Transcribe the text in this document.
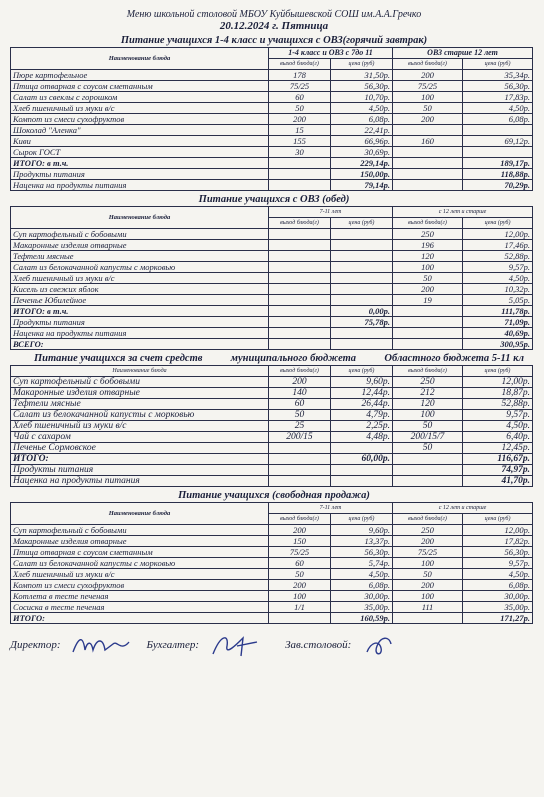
Меню школьной столовой МБОУ Куйбышевской СОШ им.А.А.Гречко
20.12.2024 г. Пятница
Питание учащихся 1-4 класс и учащихся с ОВЗ(горячий завтрак)
Наименование блюда	1-4 класс и ОВЗ с 7до 11		ОВЗ старше 12 лет	
	выход блюда(г)	цена (руб)	выход блюда(г)	цена (руб)
Пюре картофельное	178	31,50р.	200	35,34р.
Птица отварная с соусом сметанным	75/25	56,30р.	75/25	56,30р.
Салат из свеклы с горошком	60	10,70р.	100	17,83р.
Хлеб пшеничный из муки в/с	50	4,50р.	50	4,50р.
Компот из смеси сухофруктов	200	6,08р.	200	6,08р.
Шоколад "Аленка"	15	22,41р.		
Киви	155	66,96р.	160	69,12р.
Сырок ГОСТ	30	30,69р.		
ИТОГО: в т.ч.		229,14р.		189,17р.
Продукты питания		150,00р.		118,88р.
Наценка на продукты питания		79,14р.		70,29р.
Питание учащихся с ОВЗ (обед)
Наименование блюда	7-11 лет		с 12 лет и старше	
	выход блюда(г)	цена (руб)	выход блюда(г)	цена (руб)
Суп картофельный с бобовыми			250	12,00р.
Макаронные изделия отварные			196	17,46р.
Тефтели мясные			120	52,88р.
Салат из белокачанной капусты с морковью			100	9,57р.
Хлеб пшеничный из муки в/с			50	4,50р.
Кисель из свежих яблок			200	10,32р.
Печенье Юбилейное			19	5,05р.
ИТОГО: в т.ч.		0,00р.		111,78р.
Продукты питания		75,78р.		71,09р.
Наценка на продукты питания				40,69р.
ВСЕГО:				300,95р.
Питание учащихся за счет средств	муниципального бюджета	Областного бюджета 5-11 кл
Наименование блюда	выход блюда(г)	цена (руб)	выход блюда(г)	цена (руб)
Суп картофельный с бобовыми	200	9,60р.	250	12,00р.
Макаронные изделия отварные	140	12,44р.	212	18,87р.
Тефтели мясные	60	26,44р.	120	52,88р.
Салат из белокачанной капусты с морковью	50	4,79р.	100	9,57р.
Хлеб пшеничный из муки в/с	25	2,25р.	50	4,50р.
Чай с сахаром	200/15	4,48р.	200/15/7	6,40р.
Печенье Сормовское			50	12,45р.
ИТОГО:		60,00р.		116,67р.
Продукты питания				74,97р.
Наценка на продукты питания				41,70р.
Питание учащихся (свободная продажа)
Наименование блюда	7-11 лет		с 12 лет и старше	
	выход блюда(г)	цена (руб)	выход блюда(г)	цена (руб)
Суп картофельный с бобовыми	200	9,60р.	250	12,00р.
Макаронные изделия отварные	150	13,37р.	200	17,82р.
Птица отварная с соусом сметанным	75/25	56,30р.	75/25	56,30р.
Салат из белокачанной капусты с морковью	60	5,74р.	100	9,57р.
Хлеб пшеничный из муки в/с	50	4,50р.	50	4,50р.
Компот из смеси сухофруктов	200	6,08р.	200	6,08р.
Котлета в тесте печеная	100	30,00р.	100	30,00р.
Сосиска в тесте печеная	1/1	35,00р.	111	35,00р.
ИТОГО:		160,59р.		171,27р.
Директор:	Бухгалтер:	Зав.столовой:
